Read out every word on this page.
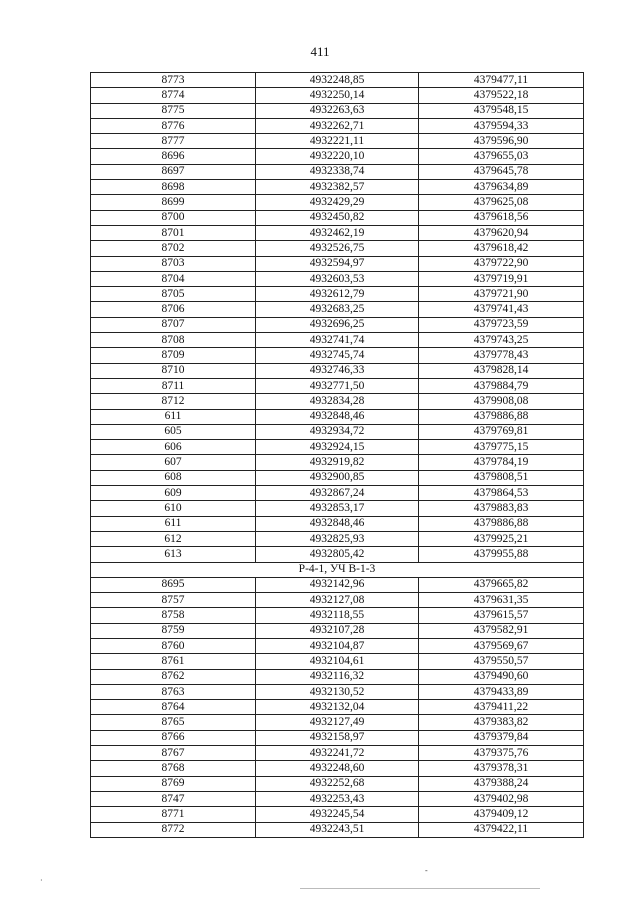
411
8773	4932248,85	4379477,11
8774	4932250,14	4379522,18
8775	4932263,63	4379548,15
8776	4932262,71	4379594,33
8777	4932221,11	4379596,90
8696	4932220,10	4379655,03
8697	4932338,74	4379645,78
8698	4932382,57	4379634,89
8699	4932429,29	4379625,08
8700	4932450,82	4379618,56
8701	4932462,19	4379620,94
8702	4932526,75	4379618,42
8703	4932594,97	4379722,90
8704	4932603,53	4379719,91
8705	4932612,79	4379721,90
8706	4932683,25	4379741,43
8707	4932696,25	4379723,59
8708	4932741,74	4379743,25
8709	4932745,74	4379778,43
8710	4932746,33	4379828,14
8711	4932771,50	4379884,79
8712	4932834,28	4379908,08
611	4932848,46	4379886,88
605	4932934,72	4379769,81
606	4932924,15	4379775,15
607	4932919,82	4379784,19
608	4932900,85	4379808,51
609	4932867,24	4379864,53
610	4932853,17	4379883,83
611	4932848,46	4379886,88
612	4932825,93	4379925,21
613	4932805,42	4379955,88
Р-4-1, УЧ В-1-3		
8695	4932142,96	4379665,82
8757	4932127,08	4379631,35
8758	4932118,55	4379615,57
8759	4932107,28	4379582,91
8760	4932104,87	4379569,67
8761	4932104,61	4379550,57
8762	4932116,32	4379490,60
8763	4932130,52	4379433,89
8764	4932132,04	4379411,22
8765	4932127,49	4379383,82
8766	4932158,97	4379379,84
8767	4932241,72	4379375,76
8768	4932248,60	4379378,31
8769	4932252,68	4379388,24
8747	4932253,43	4379402,98
8771	4932245,54	4379409,12
8772	4932243,51	4379422,11
·
-
